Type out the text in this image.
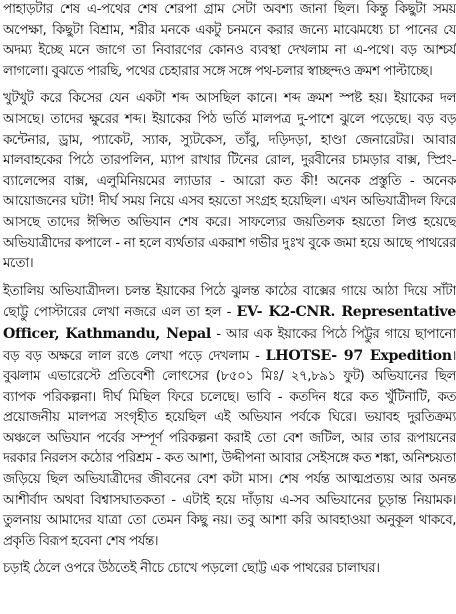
পাহাড়টার শেষ এ-পথের শেষ শেরপা গ্রাম সেটা অবশ্য জানা ছিল। কিন্তু কিছুটা সময় অপেক্ষা, কিছুটা বিশ্রাম, শরীর মনকে একটু চনমনে করার জন্যে মাঝেমধ্যে চা পানের যে অদম্য ইচ্ছে মনে জাগে তা নিবারণের কোনও ব্যবস্থা দেখলাম না এ-পথে। বড় আশ্চর্য লাগলো। বুঝতে পারছি, পথের চেহারার সঙ্গে সঙ্গে পথ-চলার স্বাচ্ছন্দও ক্রমশ পাল্টাচ্ছে।

খুটখুট করে কিসের যেন একটা শব্দ আসছিল কানে। শব্দ ক্রমশ স্পষ্ট হয়। ইয়াকের দল আসছে। তাদের ক্ষুরের শব্দ। ইয়াকের পিঠ ভর্তি মালপত্র দু-পাশে ঝুলে পড়েছে। বড় বড় কন্টেনার, ড্রাম, প্যাকেট, স্যাক, স্যুটকেস, তাঁবু, দড়িদড়া, হাণ্ডা জেনারেটর। আবার মালবাহকের পিঠে তারপলিন, ম্যাপ রাখার টিনের রোল, দুরবীনের চামড়ার বাক্স, স্প্রিং-ব্যালেন্সের বাক্স, এলুমিনিয়মের ল্যাডার - আরো কত কী! অনেক প্রস্তুতি - অনেক আয়োজনের ঘটা! দীর্ঘ সময় নিয়ে এসব হয়তো সংগ্রহ হয়েছিল। এখন অভিযাত্রীদল ফিরে আসছে তাদের ঈপ্সিত অভিযান শেষ করে। সাফল্যের জয়তিলক হয়তো লিপ্ত হয়েছে অভিযাত্রীদের কপালে - না হলে ব্যর্থতার একরাশ গভীর দুঃখ বুকে জমা হয়ে আছে পাথরের মতো।

ইতালিয় অভিযাত্রীদল। চলন্ত ইয়াকের পিঠে ঝুলন্ত কাঠের বাক্সের গায়ে আঠা দিয়ে সাঁটা ছোট্টু পোস্টারের লেখা নজরে এল তা হল - EV- K2-CNR. Representative Officer, Kathmandu, Nepal - আর এক ইয়াকের পিঠে পিট্টুর গায়ে ছাপানো বড় বড় অক্ষরে লাল রঙে লেখা পড়ে দেখলাম - LHOTSE- 97 Expedition। বুঝলাম এভারেস্টে প্রতিবেশী লোৎসের (৮৫০১ মিঃ/ ২৭,৮৯১ ফুট) অভিযানের ছিল ব্যাপক পরিকল্পনা। দীর্ঘ মিছিল ফিরে চলেছে। ভাবি - কতদিন ধরে কত খুঁটিনাটি, কত প্রয়োজনীয় মালপত্র সংগৃহীত হয়েছিল এই অভিযান পর্বকে ঘিরে। ভয়াবহ দুরতিক্রম্য অঞ্চলে অভিযান পর্বের সম্পূর্ণ পরিকল্পনা করাই তো বেশ জটিল, আর তার রূপায়নের দরকার নিরলস কঠোর পরিশ্রম - কত আশা, উদ্দীপনা আবার সেইসঙ্গে কত শঙ্কা, অনিশ্চয়তা জড়িয়ে ছিল অভিযাত্রীদের জীবনের বেশ কটা মাস। শেষ পর্যন্ত আত্মপ্রত্যয় আর অনন্ত আশীর্বাদ অথবা বিশ্বাসঘাতকতা - এটাই হয়ে দাঁড়ায় এ-সব অভিযানের চূড়ান্ত নিয়ামক। তুলনায় আমাদের যাত্রা তো তেমন কিছু নয়। তবু আশা করি আবহাওয়া অনুকূল থাকবে, প্রকৃতি বিরূপ হবেনা শেষ পর্যন্ত।

চড়াই ঠেলে ওপরে উঠতেই নীচে চোখে পড়লো ছোট্ট এক পাথরের চালাঘর।
